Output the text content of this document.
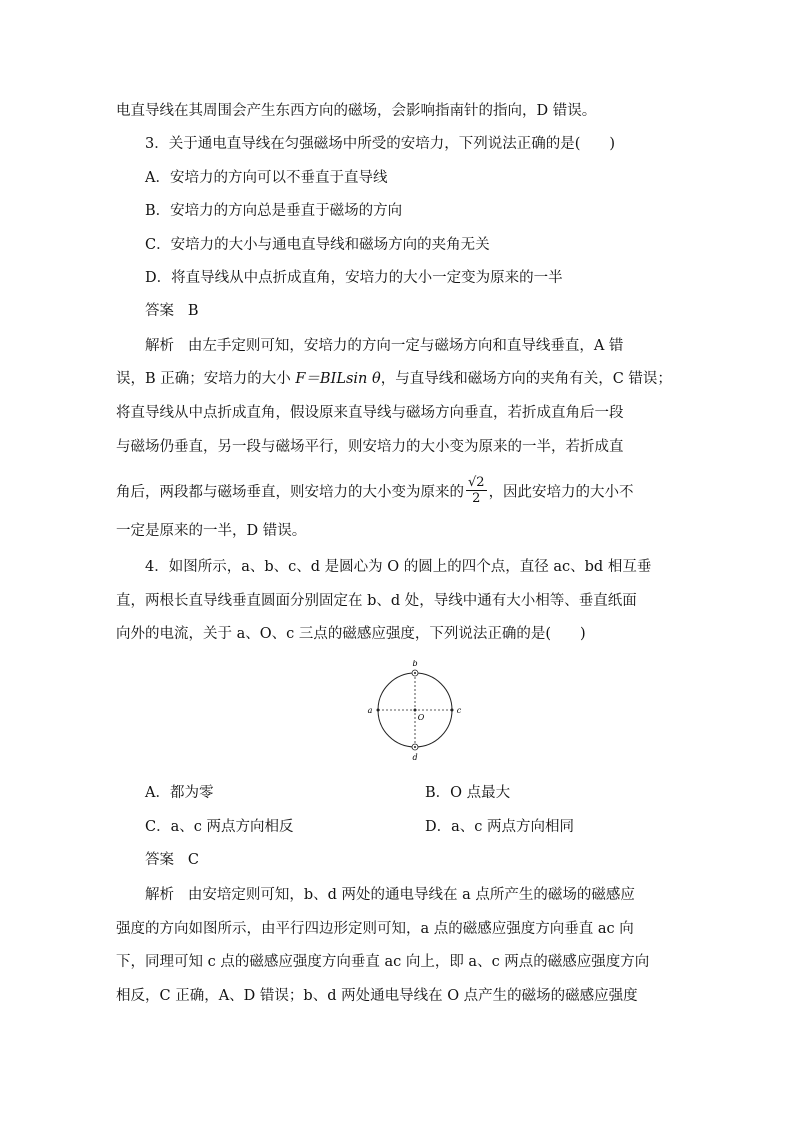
电直导线在其周围会产生东西方向的磁场，会影响指南针的指向，D 错误。
3．关于通电直导线在匀强磁场中所受的安培力，下列说法正确的是(　　)
A．安培力的方向可以不垂直于直导线
B．安培力的方向总是垂直于磁场的方向
C．安培力的大小与通电直导线和磁场方向的夹角无关
D．将直导线从中点折成直角，安培力的大小一定变为原来的一半
答案 B
解析 由左手定则可知，安培力的方向一定与磁场方向和直导线垂直，A 错
误，B 正确；安培力的大小 F＝BILsin θ，与直导线和磁场方向的夹角有关，C 错误；
将直导线从中点折成直角，假设原来直导线与磁场方向垂直，若折成直角后一段
与磁场仍垂直，另一段与磁场平行，则安培力的大小变为原来的一半，若折成直
角后，两段都与磁场垂直，则安培力的大小变为原来的 $\frac{√2}{2}$ ，因此安培力的大小不
一定是原来的一半，D 错误。
4．如图所示，a、b、c、d 是圆心为 O 的圆上的四个点，直径 ac、bd 相互垂
直，两根长直导线垂直圆面分别固定在 b、d 处，导线中通有大小相等、垂直纸面
向外的电流，关于 a、O、c 三点的磁感应强度，下列说法正确的是(　　)
b
d
a	c
O
A．都为零	B．O 点最大
C．a、c 两点方向相反	D．a、c 两点方向相同
答案 C
解析 由安培定则可知，b、d 两处的通电导线在 a 点所产生的磁场的磁感应
强度的方向如图所示，由平行四边形定则可知，a 点的磁感应强度方向垂直 ac 向
下，同理可知 c 点的磁感应强度方向垂直 ac 向上，即 a、c 两点的磁感应强度方向
相反，C 正确，A、D 错误；b、d 两处通电导线在 O 点产生的磁场的磁感应强度
